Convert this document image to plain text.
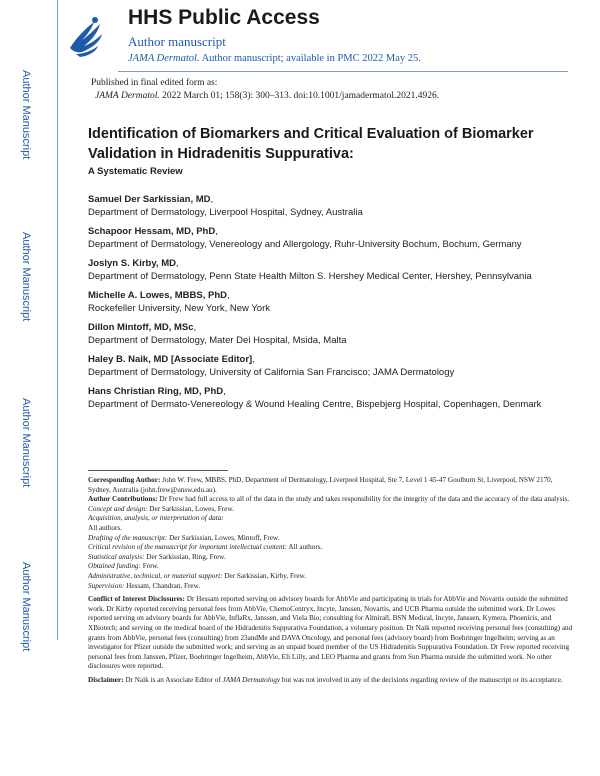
Author Manuscript
Author Manuscript
Author Manuscript
Author Manuscript
HHS Public Access
Author manuscript
JAMA Dermatol. Author manuscript; available in PMC 2022 May 25.
Published in final edited form as:
JAMA Dermatol. 2022 March 01; 158(3): 300–313. doi:10.1001/jamadermatol.2021.4926.
Identification of Biomarkers and Critical Evaluation of Biomarker Validation in Hidradenitis Suppurativa:
A Systematic Review
Samuel Der Sarkissian, MD,
Department of Dermatology, Liverpool Hospital, Sydney, Australia
Schapoor Hessam, MD, PhD,
Department of Dermatology, Venereology and Allergology, Ruhr-University Bochum, Bochum, Germany
Joslyn S. Kirby, MD,
Department of Dermatology, Penn State Health Milton S. Hershey Medical Center, Hershey, Pennsylvania
Michelle A. Lowes, MBBS, PhD,
Rockefeller University, New York, New York
Dillon Mintoff, MD, MSc,
Department of Dermatology, Mater Dei Hospital, Msida, Malta
Haley B. Naik, MD [Associate Editor],
Department of Dermatology, University of California San Francisco; JAMA Dermatology
Hans Christian Ring, MD, PhD,
Department of Dermato-Venereology & Wound Healing Centre, Bispebjerg Hospital, Copenhagen, Denmark

Corresponding Author: John W. Frew, MBBS, PhD, Department of Dermatology, Liverpool Hospital, Ste 7, Level 1 45-47 Goulburn St, Liverpool, NSW 2170, Sydney, Australia (john.frew@unsw.edu.au).

Author Contributions: Dr Frew had full access to all of the data in the study and takes responsibility for the integrity of the data and the accuracy of the data analysis.

Concept and design: Der Sarkissian, Lowes, Frew.

Acquisition, analysis, or interpretation of data:

All authors.

Drafting of the manuscript: Der Sarkissian, Lowes, Mintoff, Frew.

Critical revision of the manuscript for important intellectual content: All authors.

Statistical analysis: Der Sarkissian, Ring, Frew.

Obtained funding: Frew.

Administrative, technical, or material support: Der Sarkissian, Kirby, Frew.

Supervision: Hessam, Chandran, Frew.

Conflict of Interest Disclosures: Dr Hessam reported serving on advisory boards for AbbVie and participating in trials for AbbVie and Novartis outside the submitted work. Dr Kirby reported receiving personal fees from AbbVie, ChemoCentryx, Incyte, Janssen, Novartis, and UCB Pharma outside the submitted work. Dr Lowes reported serving on advisory boards for AbbVie, InflaRx, Janssen, and Viela Bio; consulting for Almirall, BSN Medical, Incyte, Janssen, Kymera, Phoenicis, and XBiotech; and serving on the medical board of the Hidradenitis Suppurativa Foundation, a voluntary position. Dr Naik reported receiving personal fees (consulting) and grants from AbbVie, personal fees (consulting) from 23andMe and DAVA Oncology, and personal fees (advisory board) from Boehringer Ingelheim; serving as an investigator for Pfizer outside the submitted work; and serving as an unpaid board member of the US Hidradenitis Suppurativa Foundation. Dr Frew reported receiving personal fees from Janssen, Pfizer, Boehringer Ingelheim, AbbVie, Eli Lilly, and LEO Pharma and grants from Sun Pharma outside the submitted work. No other disclosures were reported.

Disclaimer: Dr Naik is an Associate Editor of JAMA Dermatology but was not involved in any of the decisions regarding review of the manuscript or its acceptance.
